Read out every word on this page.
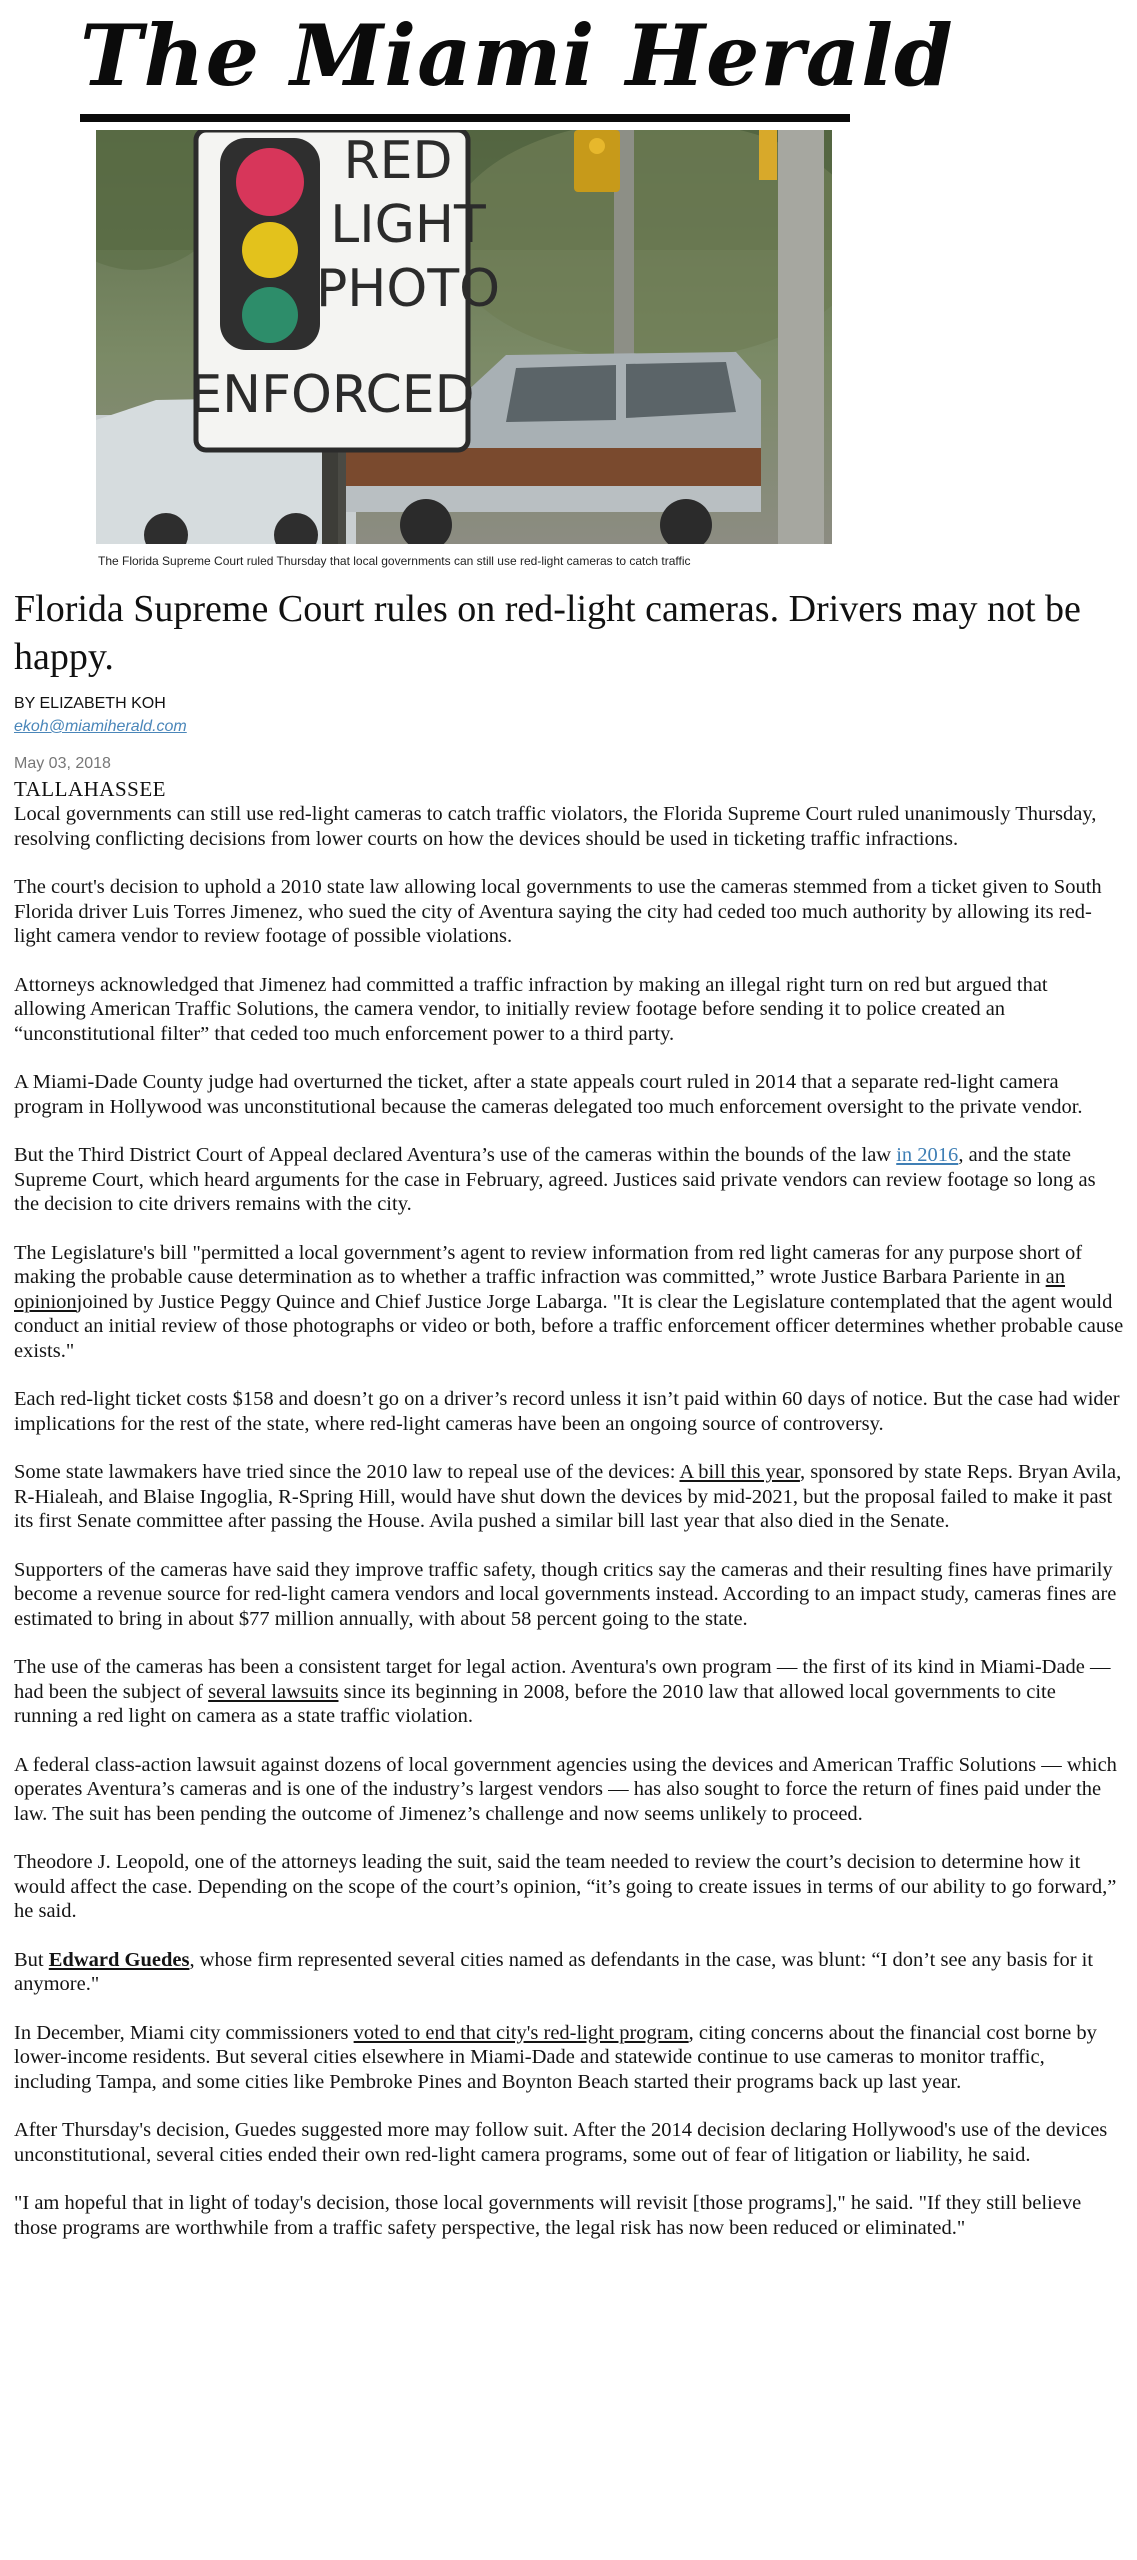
The Miami Herald
RED
LIGHT
PHOTO
ENFORCED
The Florida Supreme Court ruled Thursday that local governments can still use red-light cameras to catch traffic
Florida Supreme Court rules on red-light cameras. Drivers may not be happy.
BY ELIZABETH KOH
ekoh@miamiherald.com
May 03, 2018
TALLAHASSEE

Local governments can still use red-light cameras to catch traffic violators, the Florida Supreme Court ruled unanimously Thursday, resolving conflicting decisions from lower courts on how the devices should be used in ticketing traffic infractions.

The court's decision to uphold a 2010 state law allowing local governments to use the cameras stemmed from a ticket given to South Florida driver Luis Torres Jimenez, who sued the city of Aventura saying the city had ceded too much authority by allowing its red-light camera vendor to review footage of possible violations.

Attorneys acknowledged that Jimenez had committed a traffic infraction by making an illegal right turn on red but argued that allowing American Traffic Solutions, the camera vendor, to initially review footage before sending it to police created an “unconstitutional filter” that ceded too much enforcement power to a third party.

A Miami-Dade County judge had overturned the ticket, after a state appeals court ruled in 2014 that a separate red-light camera program in Hollywood was unconstitutional because the cameras delegated too much enforcement oversight to the private vendor.

But the Third District Court of Appeal declared Aventura’s use of the cameras within the bounds of the law in 2016, and the state Supreme Court, which heard arguments for the case in February, agreed. Justices said private vendors can review footage so long as the decision to cite drivers remains with the city.

The Legislature's bill "permitted a local government’s agent to review information from red light cameras for any purpose short of making the probable cause determination as to whether a traffic infraction was committed,” wrote Justice Barbara Pariente in an opinionjoined by Justice Peggy Quince and Chief Justice Jorge Labarga. "It is clear the Legislature contemplated that the agent would conduct an initial review of those photographs or video or both, before a traffic enforcement officer determines whether probable cause exists."

Each red-light ticket costs $158 and doesn’t go on a driver’s record unless it isn’t paid within 60 days of notice. But the case had wider implications for the rest of the state, where red-light cameras have been an ongoing source of controversy.

Some state lawmakers have tried since the 2010 law to repeal use of the devices: A bill this year, sponsored by state Reps. Bryan Avila, R-Hialeah, and Blaise Ingoglia, R-Spring Hill, would have shut down the devices by mid-2021, but the proposal failed to make it past its first Senate committee after passing the House. Avila pushed a similar bill last year that also died in the Senate.

Supporters of the cameras have said they improve traffic safety, though critics say the cameras and their resulting fines have primarily become a revenue source for red-light camera vendors and local governments instead. According to an impact study, cameras fines are estimated to bring in about $77 million annually, with about 58 percent going to the state.

The use of the cameras has been a consistent target for legal action. Aventura's own program — the first of its kind in Miami-Dade — had been the subject of several lawsuits since its beginning in 2008, before the 2010 law that allowed local governments to cite running a red light on camera as a state traffic violation.

A federal class-action lawsuit against dozens of local government agencies using the devices and American Traffic Solutions — which operates Aventura’s cameras and is one of the industry’s largest vendors — has also sought to force the return of fines paid under the law. The suit has been pending the outcome of Jimenez’s challenge and now seems unlikely to proceed.

Theodore J. Leopold, one of the attorneys leading the suit, said the team needed to review the court’s decision to determine how it would affect the case. Depending on the scope of the court’s opinion, “it’s going to create issues in terms of our ability to go forward,” he said.

But Edward Guedes, whose firm represented several cities named as defendants in the case, was blunt: “I don’t see any basis for it anymore."

In December, Miami city commissioners voted to end that city's red-light program, citing concerns about the financial cost borne by lower-income residents. But several cities elsewhere in Miami-Dade and statewide continue to use cameras to monitor traffic, including Tampa, and some cities like Pembroke Pines and Boynton Beach started their programs back up last year.

After Thursday's decision, Guedes suggested more may follow suit. After the 2014 decision declaring Hollywood's use of the devices unconstitutional, several cities ended their own red-light camera programs, some out of fear of litigation or liability, he said.

"I am hopeful that in light of today's decision, those local governments will revisit [those programs]," he said. "If they still believe those programs are worthwhile from a traffic safety perspective, the legal risk has now been reduced or eliminated."
